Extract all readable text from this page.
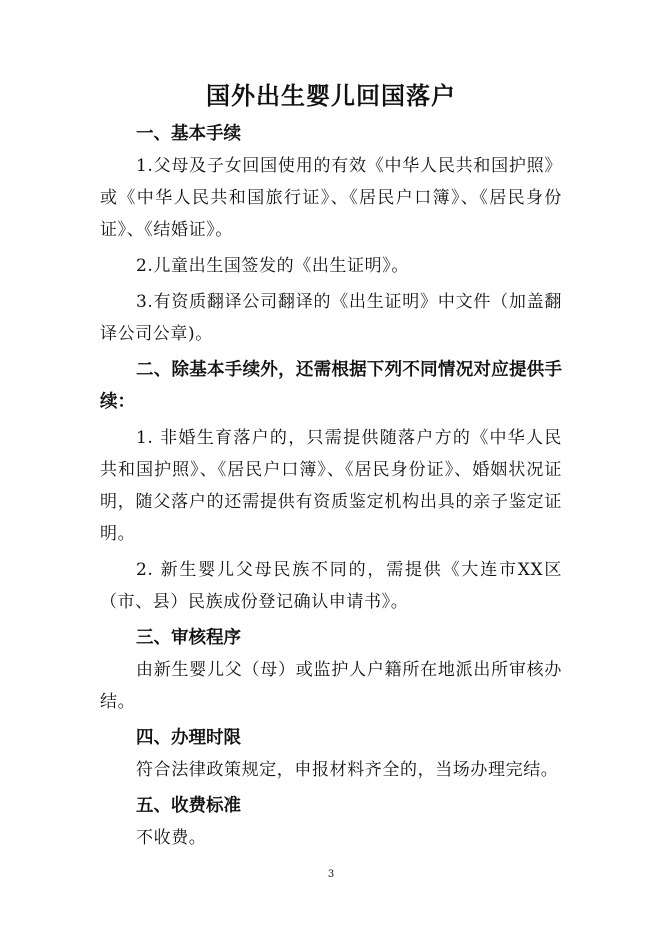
国外出生婴儿回国落户

一、基本手续

1.父母及子女回国使用的有效《中华人民共和国护照》或《中华人民共和国旅行证》、《居民户口簿》、《居民身份证》、《结婚证》。

2.儿童出生国签发的《出生证明》。

3.有资质翻译公司翻译的《出生证明》中文件（加盖翻译公司公章)。

二、除基本手续外，还需根据下列不同情况对应提供手续：

1. 非婚生育落户的，只需提供随落户方的《中华人民共和国护照》、《居民户口簿》、《居民身份证》、婚姻状况证明，随父落户的还需提供有资质鉴定机构出具的亲子鉴定证明。

2. 新生婴儿父母民族不同的，需提供《大连市XX区（市、县）民族成份登记确认申请书》。

三、审核程序

由新生婴儿父（母）或监护人户籍所在地派出所审核办结。

四、办理时限

符合法律政策规定，申报材料齐全的，当场办理完结。

五、收费标准

不收费。

3
